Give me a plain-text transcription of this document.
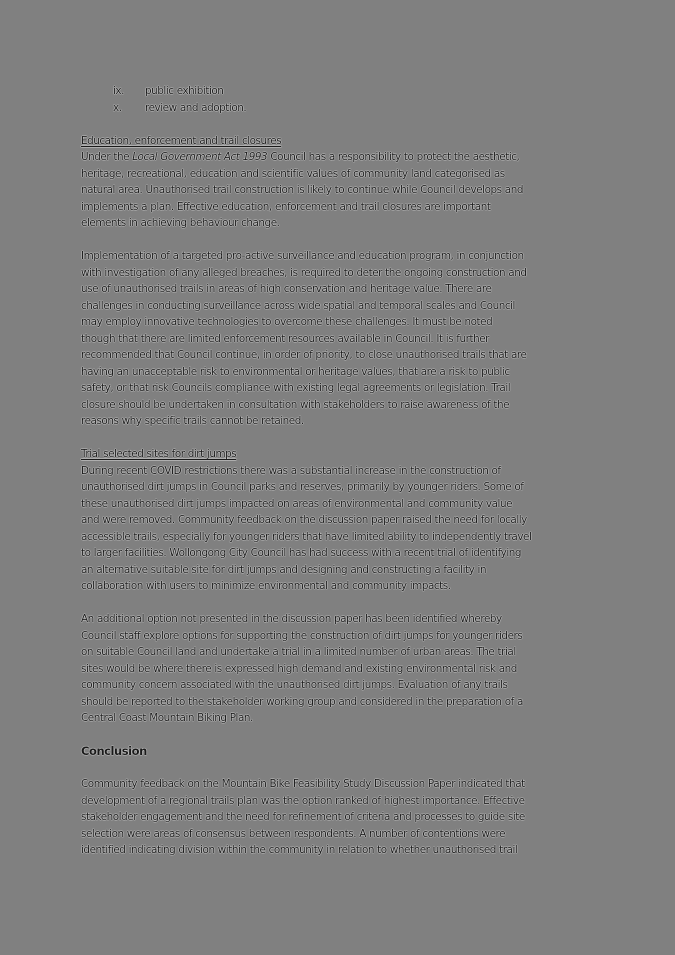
ix.	public exhibition
x.	review and adoption.
Education, enforcement and trail closures

Under the Local Government Act 1993 Council has a responsibility to protect the aesthetic,
heritage, recreational, education and scientific values of community land categorised as
natural area. Unauthorised trail construction is likely to continue while Council develops and
implements a plan. Effective education, enforcement and trail closures are important
elements in achieving behaviour change.

Implementation of a targeted pro-active surveillance and education program, in conjunction
with investigation of any alleged breaches, is required to deter the ongoing construction and
use of unauthorised trails in areas of high conservation and heritage value. There are
challenges in conducting surveillance across wide spatial and temporal scales and Council
may employ innovative technologies to overcome these challenges. It must be noted
though that there are limited enforcement resources available in Council. It is further
recommended that Council continue, in order of priority, to close unauthorised trails that are
having an unacceptable risk to environmental or heritage values, that are a risk to public
safety, or that risk Councils compliance with existing legal agreements or legislation. Trail
closure should be undertaken in consultation with stakeholders to raise awareness of the
reasons why specific trails cannot be retained.

Trial selected sites for dirt jumps

During recent COVID restrictions there was a substantial increase in the construction of
unauthorised dirt jumps in Council parks and reserves, primarily by younger riders. Some of
these unauthorised dirt jumps impacted on areas of environmental and community value
and were removed. Community feedback on the discussion paper raised the need for locally
accessible trails, especially for younger riders that have limited ability to independently travel
to larger facilities. Wollongong City Council has had success with a recent trial of identifying
an alternative suitable site for dirt jumps and designing and constructing a facility in
collaboration with users to minimize environmental and community impacts.

An additional option not presented in the discussion paper has been identified whereby
Council staff explore options for supporting the construction of dirt jumps for younger riders
on suitable Council land and undertake a trial in a limited number of urban areas. The trial
sites would be where there is expressed high demand and existing environmental risk and
community concern associated with the unauthorised dirt jumps. Evaluation of any trails
should be reported to the stakeholder working group and considered in the preparation of a
Central Coast Mountain Biking Plan.

Conclusion

Community feedback on the Mountain Bike Feasibility Study Discussion Paper indicated that
development of a regional trails plan was the option ranked of highest importance. Effective
stakeholder engagement and the need for refinement of criteria and processes to guide site
selection were areas of consensus between respondents. A number of contentions were
identified indicating division within the community in relation to whether unauthorised trail
